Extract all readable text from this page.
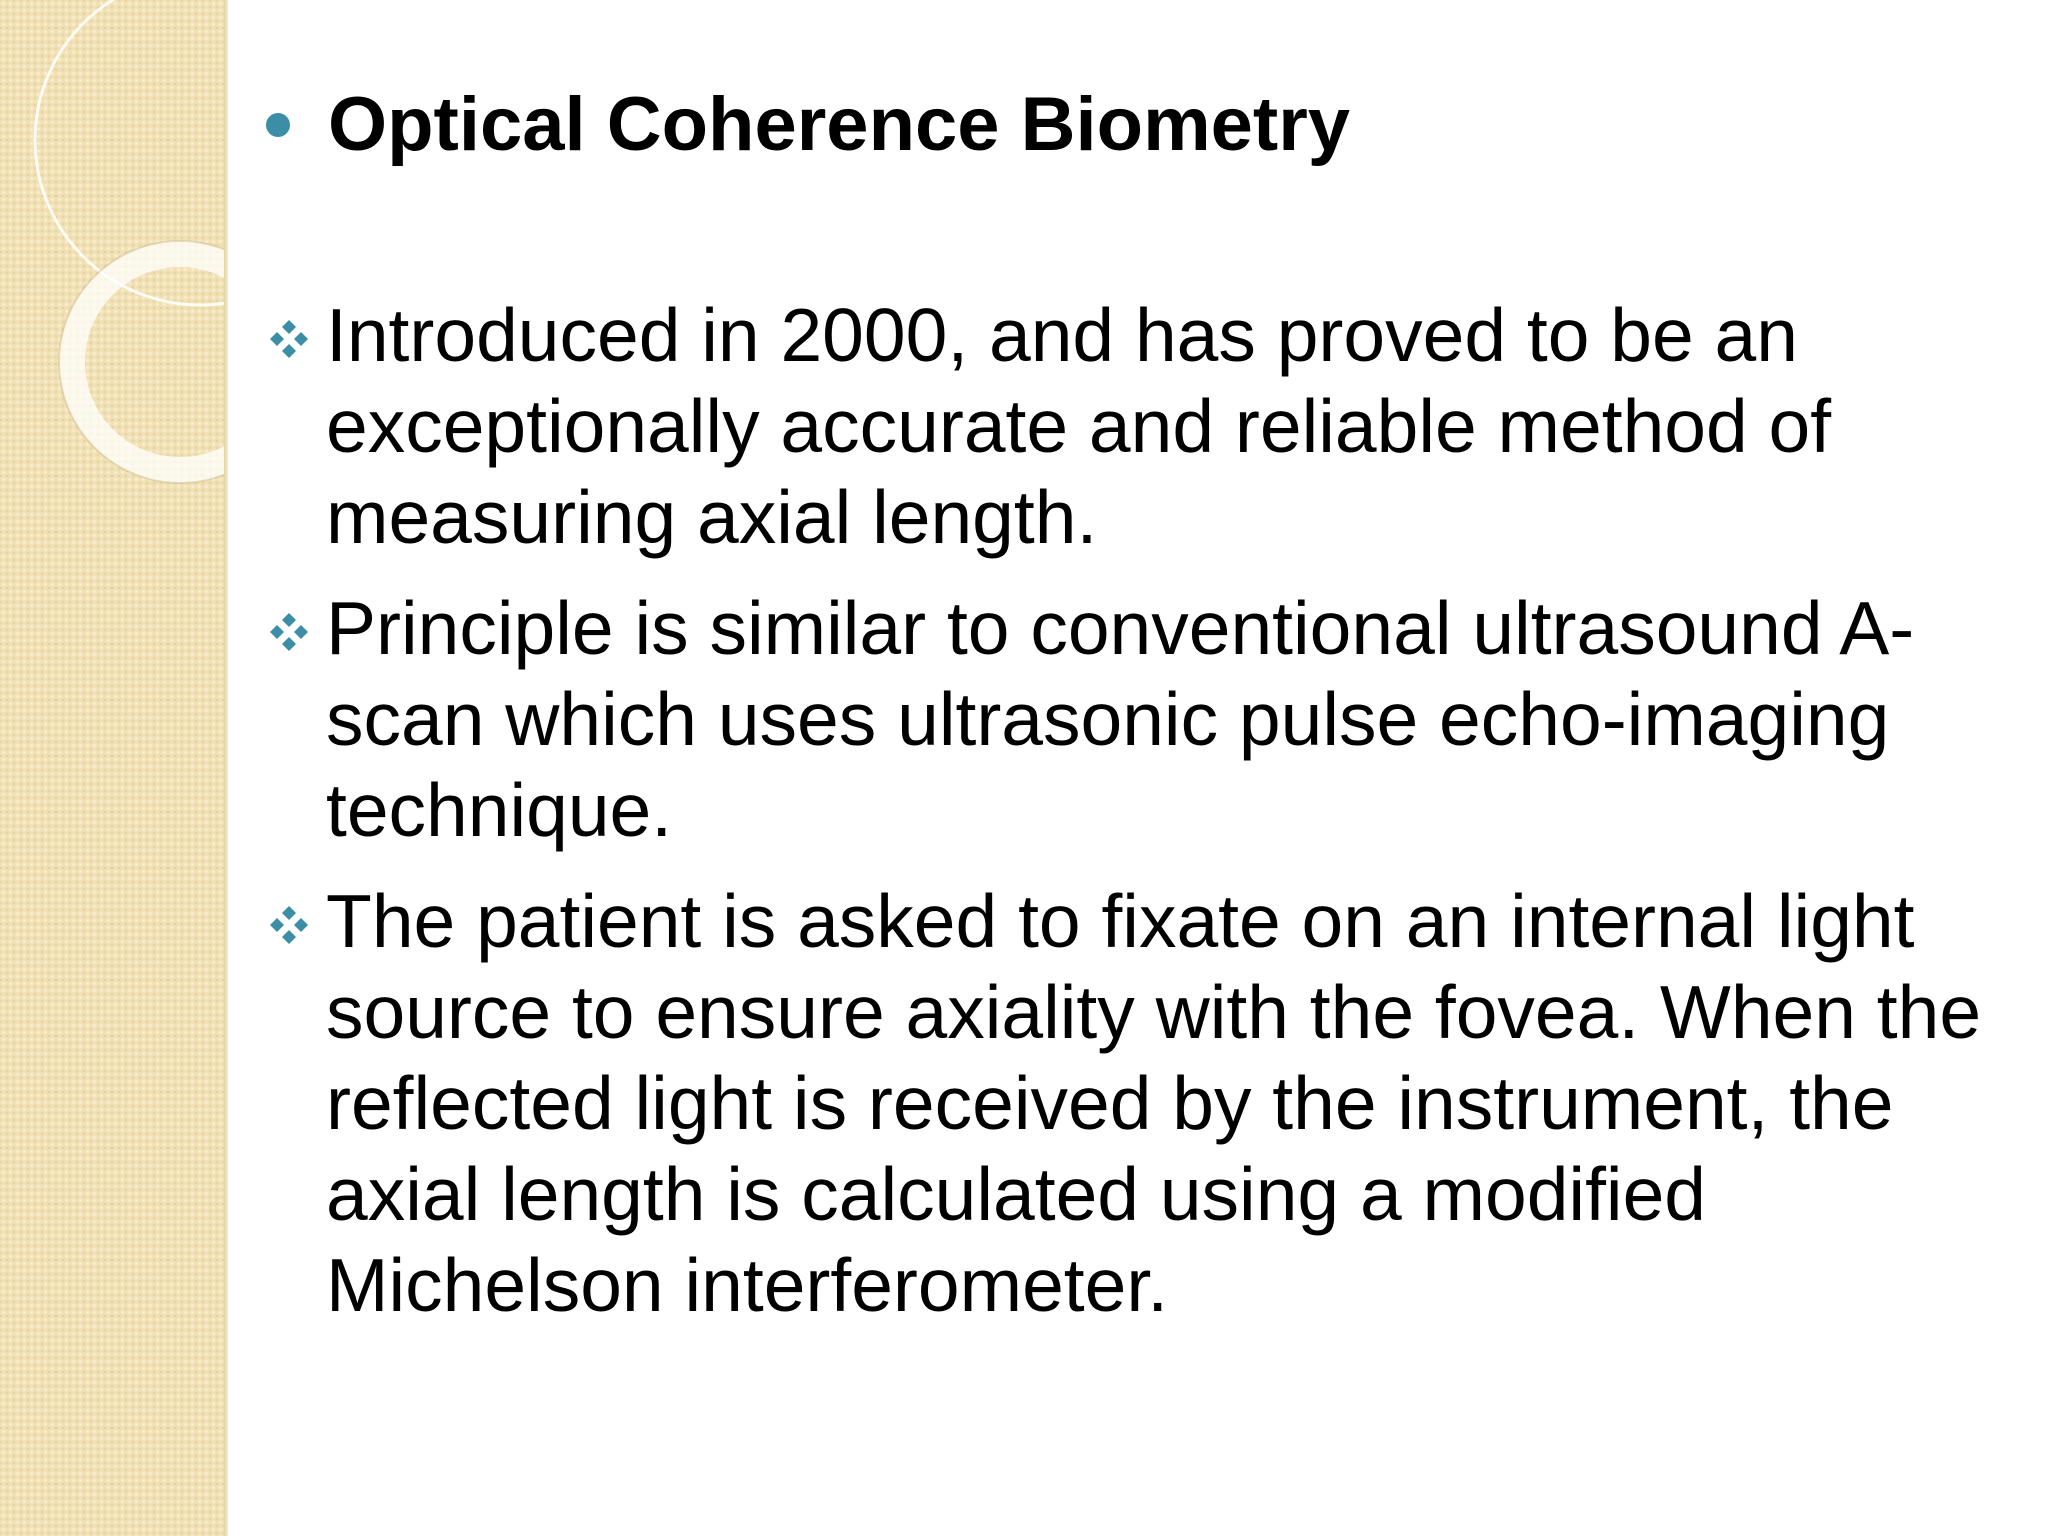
Optical Coherence Biometry
Introduced in 2000, and has proved to be an exceptionally accurate and reliable method of measuring axial length.
Principle is similar to conventional ultrasound A-scan which uses ultrasonic pulse echo-imaging technique.
The patient is asked to fixate on an internal light source to ensure axiality with the fovea. When the reflected light is received by the instrument, the axial length is calculated using a modified Michelson interferometer.
